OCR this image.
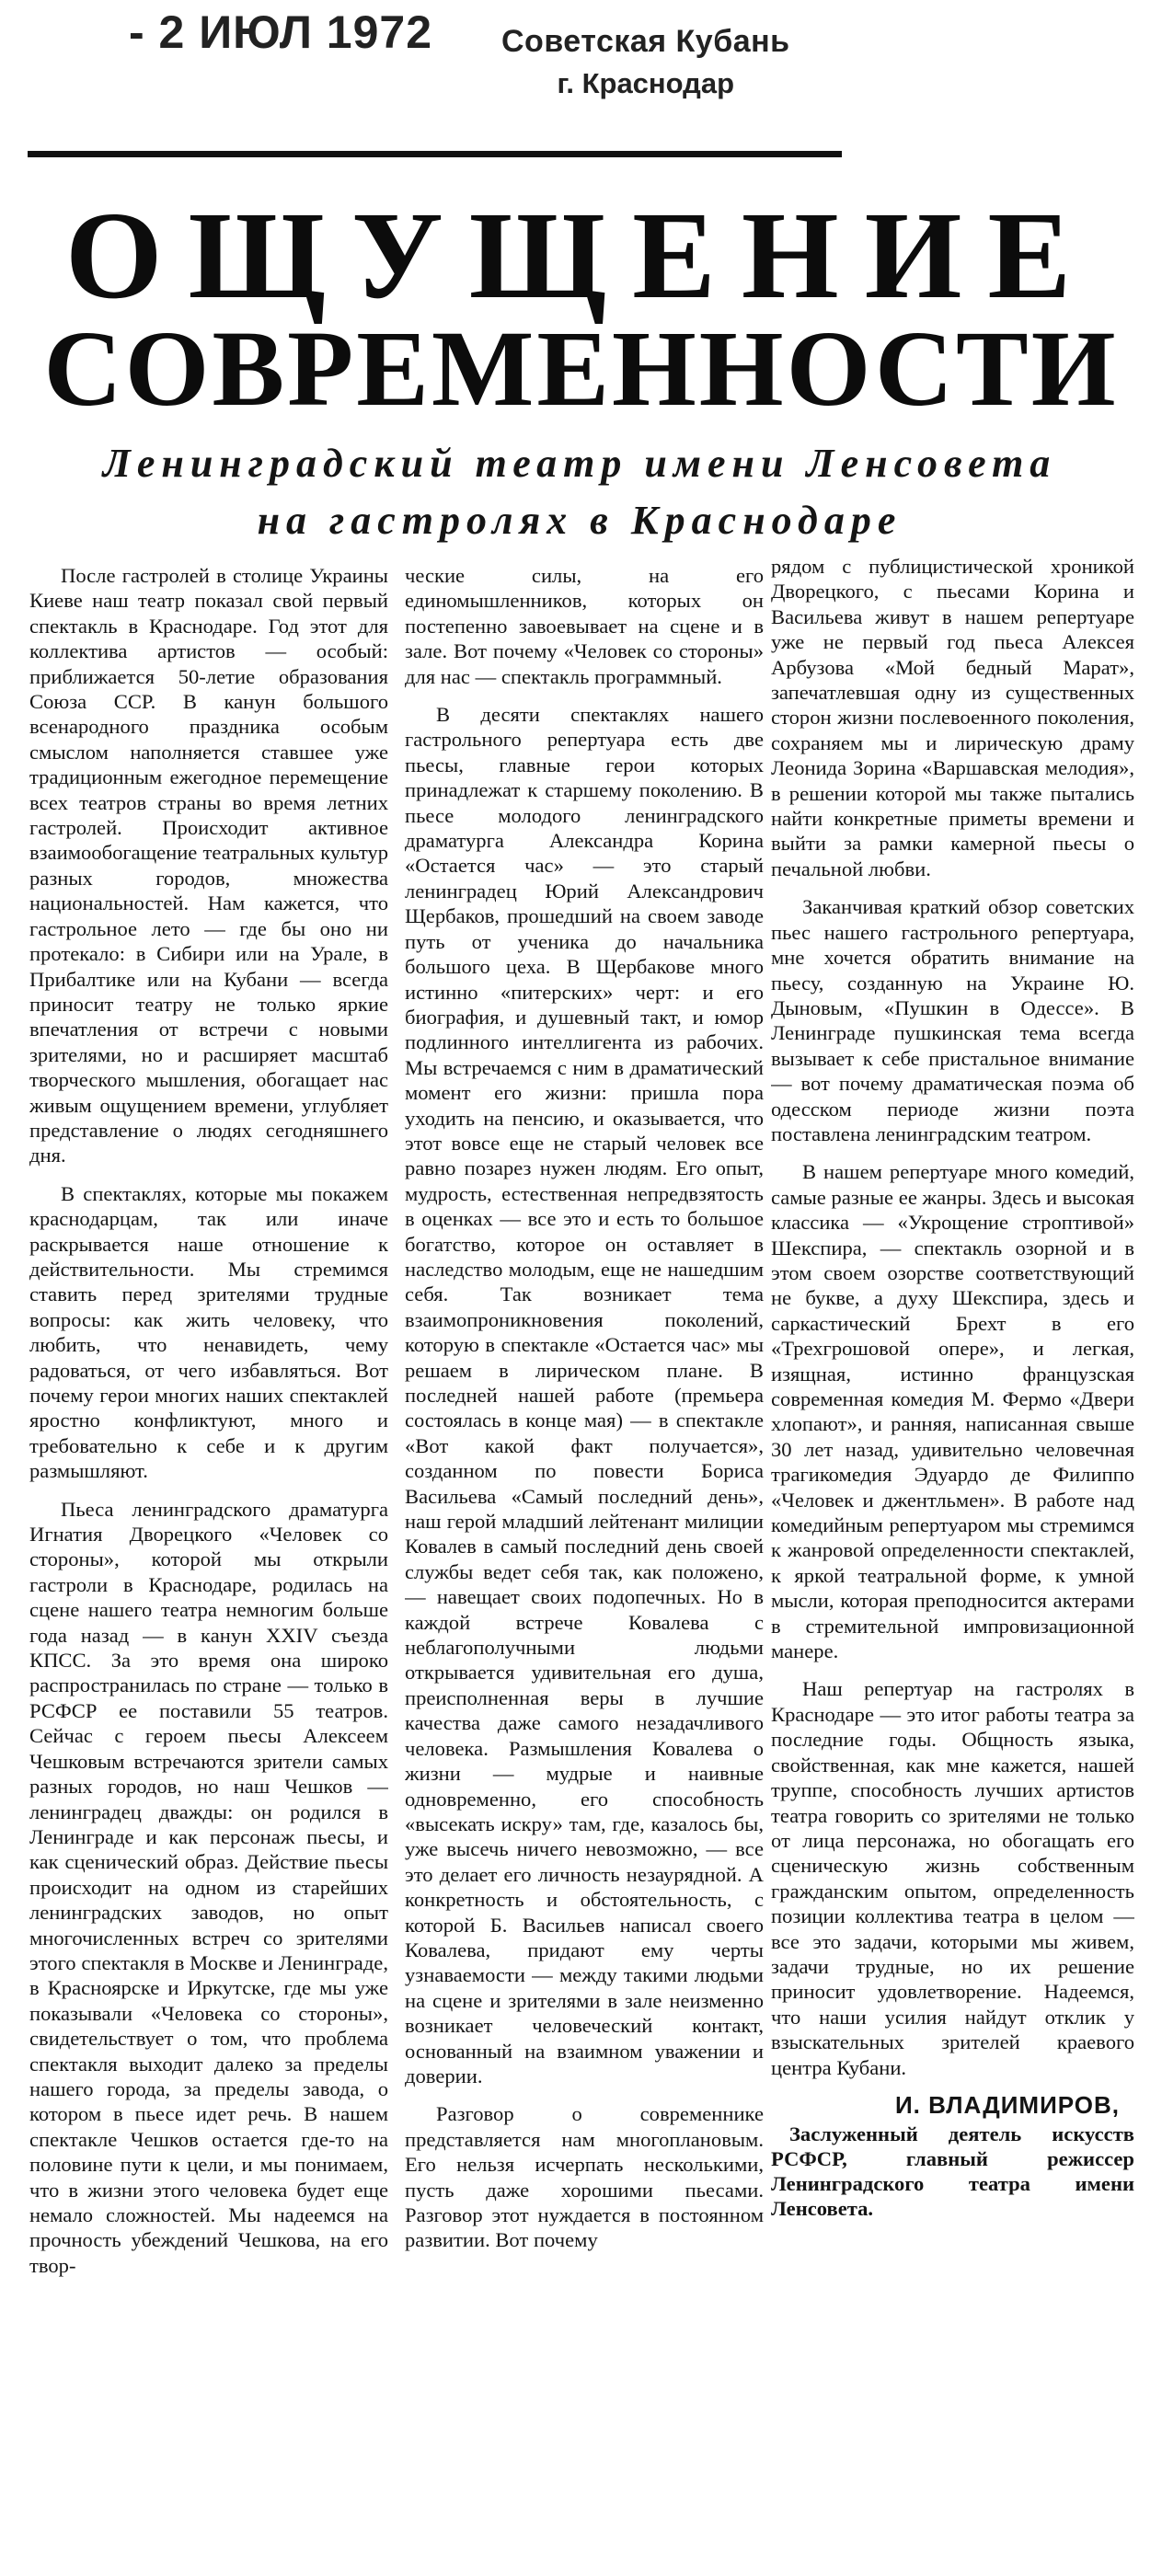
- 2 ИЮЛ 1972 Советская Кубань
г. Краснодар
ОЩУЩЕНИЕ
СОВРЕМЕННОСТИ
Ленинградский театр имени Ленсовета
на гастролях в Краснодаре

После гастролей в столице Украины Киеве наш театр показал свой первый спектакль в Краснодаре. Год этот для коллектива артистов — особый: приближается 50-летие образования Союза ССР. В канун большого всенародного праздника особым смыслом наполняется ставшее уже традиционным ежегодное перемещение всех театров страны во время летних гастролей. Происходит активное взаимообогащение театральных культур разных городов, множества национальностей. Нам кажется, что гастрольное лето — где бы оно ни протекало: в Сибири или на Урале, в Прибалтике или на Кубани — всегда приносит театру не только яркие впечатления от встречи с новыми зрителями, но и расширяет масштаб творческого мышления, обогащает нас живым ощущением времени, углубляет представление о людях сегодняшнего дня.

В спектаклях, которые мы покажем краснодарцам, так или иначе раскрывается наше отношение к действительности. Мы стремимся ставить перед зрителями трудные вопросы: как жить человеку, что любить, что ненавидеть, чему радоваться, от чего избавляться. Вот почему герои многих наших спектаклей яростно конфликтуют, много и требовательно к себе и к другим размышляют.

Пьеса ленинградского драматурга Игнатия Дворецкого «Человек со стороны», которой мы открыли гастроли в Краснодаре, родилась на сцене нашего театра немногим больше года назад — в канун XXIV съезда КПСС. За это время она широко распространилась по стране — только в РСФСР ее поставили 55 театров. Сейчас с героем пьесы Алексеем Чешковым встречаются зрители самых разных городов, но наш Чешков — ленинградец дважды: он родился в Ленинграде и как персонаж пьесы, и как сценический образ. Действие пьесы происходит на одном из старейших ленинградских заводов, но опыт многочисленных встреч со зрителями этого спектакля в Москве и Ленинграде, в Красноярске и Иркутске, где мы уже показывали «Человека со стороны», свидетельствует о том, что проблема спектакля выходит далеко за пределы нашего города, за пределы завода, о котором в пьесе идет речь. В нашем спектакле Чешков остается где-то на половине пути к цели, и мы понимаем, что в жизни этого человека будет еще немало сложностей. Мы надеемся на прочность убеждений Чешкова, на его твор-

ческие силы, на его единомышленников, которых он постепенно завоевывает на сцене и в зале. Вот почему «Человек со стороны» для нас — спектакль программный.

В десяти спектаклях нашего гастрольного репертуара есть две пьесы, главные герои которых принадлежат к старшему поколению. В пьесе молодого ленинградского драматурга Александра Корина «Остается час» — это старый ленинградец Юрий Александрович Щербаков, прошедший на своем заводе путь от ученика до начальника большого цеха. В Щербакове много истинно «питерских» черт: и его биография, и душевный такт, и юмор подлинного интеллигента из рабочих. Мы встречаемся с ним в драматический момент его жизни: пришла пора уходить на пенсию, и оказывается, что этот вовсе еще не старый человек все равно позарез нужен людям. Его опыт, мудрость, естественная непредвзятость в оценках — все это и есть то большое богатство, которое он оставляет в наследство молодым, еще не нашедшим себя. Так возникает тема взаимопроникновения поколений, которую в спектакле «Остается час» мы решаем в лирическом плане. В последней нашей работе (премьера состоялась в конце мая) — в спектакле «Вот какой факт получается», созданном по повести Бориса Васильева «Самый последний день», наш герой младший лейтенант милиции Ковалев в самый последний день своей службы ведет себя так, как положено, — навещает своих подопечных. Но в каждой встрече Ковалева с неблагополучными людьми открывается удивительная его душа, преисполненная веры в лучшие качества даже самого незадачливого человека. Размышления Ковалева о жизни — мудрые и наивные одновременно, его способность «высекать искру» там, где, казалось бы, уже высечь ничего невозможно, — все это делает его личность незаурядной. А конкретность и обстоятельность, с которой Б. Васильев написал своего Ковалева, придают ему черты узнаваемости — между такими людьми на сцене и зрителями в зале неизменно возникает человеческий контакт, основанный на взаимном уважении и доверии.

Разговор о современнике представляется нам многоплановым. Его нельзя исчерпать несколькими, пусть даже хорошими пьесами. Разговор этот нуждается в постоянном развитии. Вот почему

рядом с публицистической хроникой Дворецкого, с пьесами Корина и Васильева живут в нашем репертуаре уже не первый год пьеса Алексея Арбузова «Мой бедный Марат», запечатлевшая одну из существенных сторон жизни послевоенного поколения, сохраняем мы и лирическую драму Леонида Зорина «Варшавская мелодия», в решении которой мы также пытались найти конкретные приметы времени и выйти за рамки камерной пьесы о печальной любви.

Заканчивая краткий обзор советских пьес нашего гастрольного репертуара, мне хочется обратить внимание на пьесу, созданную на Украине Ю. Дыновым, «Пушкин в Одессе». В Ленинграде пушкинская тема всегда вызывает к себе пристальное внимание — вот почему драматическая поэма об одесском периоде жизни поэта поставлена ленинградским театром.

В нашем репертуаре много комедий, самые разные ее жанры. Здесь и высокая классика — «Укрощение строптивой» Шекспира, — спектакль озорной и в этом своем озорстве соответствующий не букве, а духу Шекспира, здесь и саркастический Брехт в его «Трехгрошовой опере», и легкая, изящная, истинно французская современная комедия М. Фермо «Двери хлопают», и ранняя, написанная свыше 30 лет назад, удивительно человечная трагикомедия Эдуардо де Филиппо «Человек и джентльмен». В работе над комедийным репертуаром мы стремимся к жанровой определенности спектаклей, к яркой театральной форме, к умной мысли, которая преподносится актерами в стремительной импровизационной манере.

Наш репертуар на гастролях в Краснодаре — это итог работы театра за последние годы. Общность языка, свойственная, как мне кажется, нашей труппе, способность лучших артистов театра говорить со зрителями не только от лица персонажа, но обогащать его сценическую жизнь собственным гражданским опытом, определенность позиции коллектива театра в целом — все это задачи, которыми мы живем, задачи трудные, но их решение приносит удовлетворение. Надеемся, что наши усилия найдут отклик у взыскательных зрителей краевого центра Кубани.

И. ВЛАДИМИРОВ,
Заслуженный деятель искусств РСФСР, главный режиссер Ленинградского театра имени Ленсовета.
